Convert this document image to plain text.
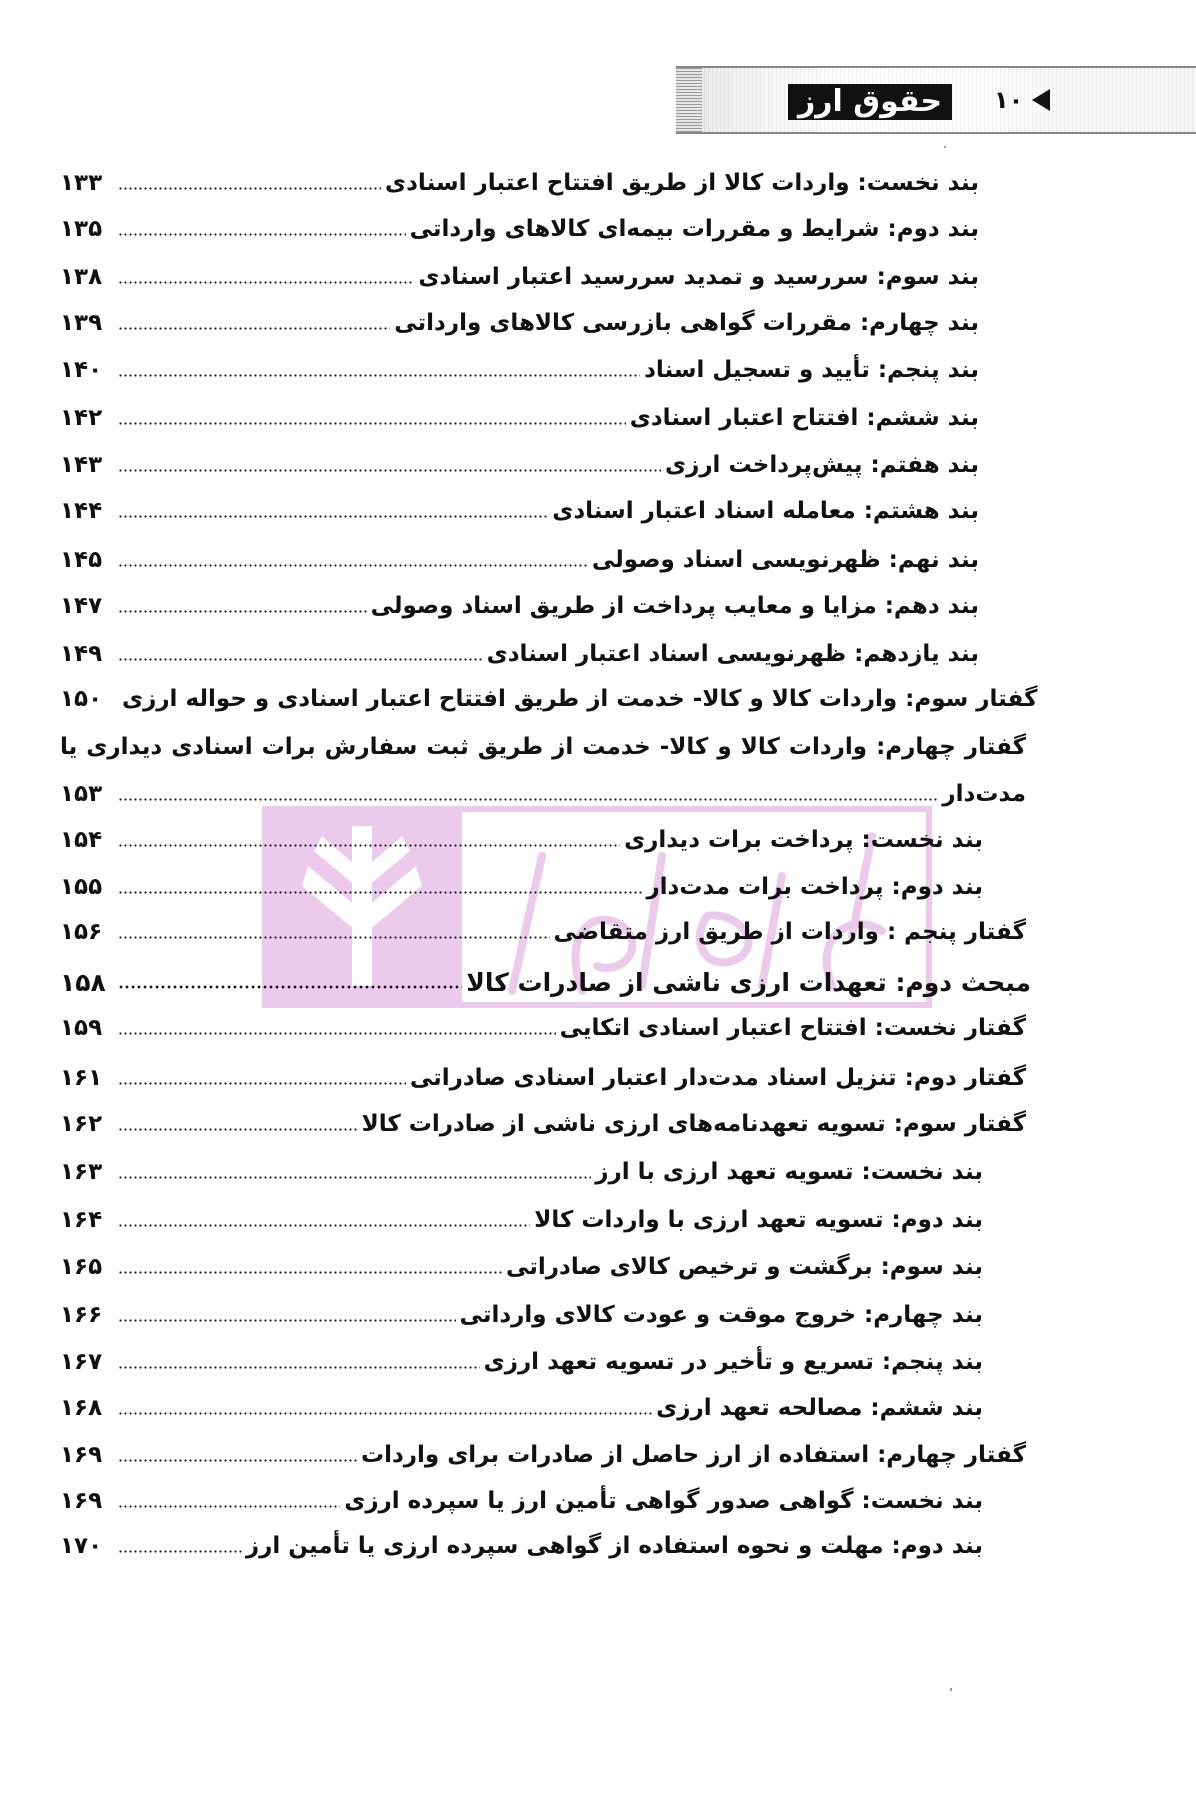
حقوق ارز	۱۰
۱۳۳	بند نخست: واردات کالا از طریق افتتاح اعتبار اسنادی
۱۳۵	بند دوم: شرایط و مقررات بیمه‌ای کالاهای وارداتی
۱۳۸	بند سوم: سررسید و تمدید سررسید اعتبار اسنادی
۱۳۹	بند چهارم: مقررات گواهی بازرسی کالاهای وارداتی
۱۴۰	بند پنجم: تأیید و تسجیل اسناد
۱۴۲	بند ششم: افتتاح اعتبار اسنادی
۱۴۳	بند هفتم: پیش‌پرداخت ارزی
۱۴۴	بند هشتم: معامله اسناد اعتبار اسنادی
۱۴۵	بند نهم: ظهرنویسی اسناد وصولی
۱۴۷	بند دهم: مزایا و معایب پرداخت از طریق اسناد وصولی
۱۴۹	بند یازدهم: ظهرنویسی اسناد اعتبار اسنادی
۱۵۰ گفتار سوم: واردات کالا و کالا- خدمت از طریق افتتاح اعتبار اسنادی و حواله ارزی
گفتار چهارم: واردات کالا و کالا- خدمت از طریق ثبت سفارش برات اسنادی دیداری یا
۱۵۳	مدت‌دار
۱۵۴	بند نخست: پرداخت برات دیداری
۱۵۵	بند دوم: پرداخت برات مدت‌دار
۱۵۶	گفتار پنجم : واردات از طریق ارز متقاضی
۱۵۸	مبحث دوم: تعهدات ارزی ناشی از صادرات کالا
۱۵۹	گفتار نخست: افتتاح اعتبار اسنادی اتکایی
۱۶۱	گفتار دوم: تنزیل اسناد مدت‌دار اعتبار اسنادی صادراتی
۱۶۲	گفتار سوم: تسویه تعهدنامه‌های ارزی ناشی از صادرات کالا
۱۶۳	بند نخست: تسویه تعهد ارزی با ارز
۱۶۴	بند دوم: تسویه تعهد ارزی با واردات کالا
۱۶۵	بند سوم: برگشت و ترخیص کالای صادراتی
۱۶۶	بند چهارم: خروج موقت و عودت کالای وارداتی
۱۶۷	بند پنجم: تسریع و تأخیر در تسویه تعهد ارزی
۱۶۸	بند ششم: مصالحه تعهد ارزی
۱۶۹	گفتار چهارم: استفاده از ارز حاصل از صادرات برای واردات
۱۶۹	بند نخست: گواهی صدور گواهی تأمین ارز یا سپرده ارزی
۱۷۰	بند دوم: مهلت و نحوه استفاده از گواهی سپرده ارزی یا تأمین ارز
